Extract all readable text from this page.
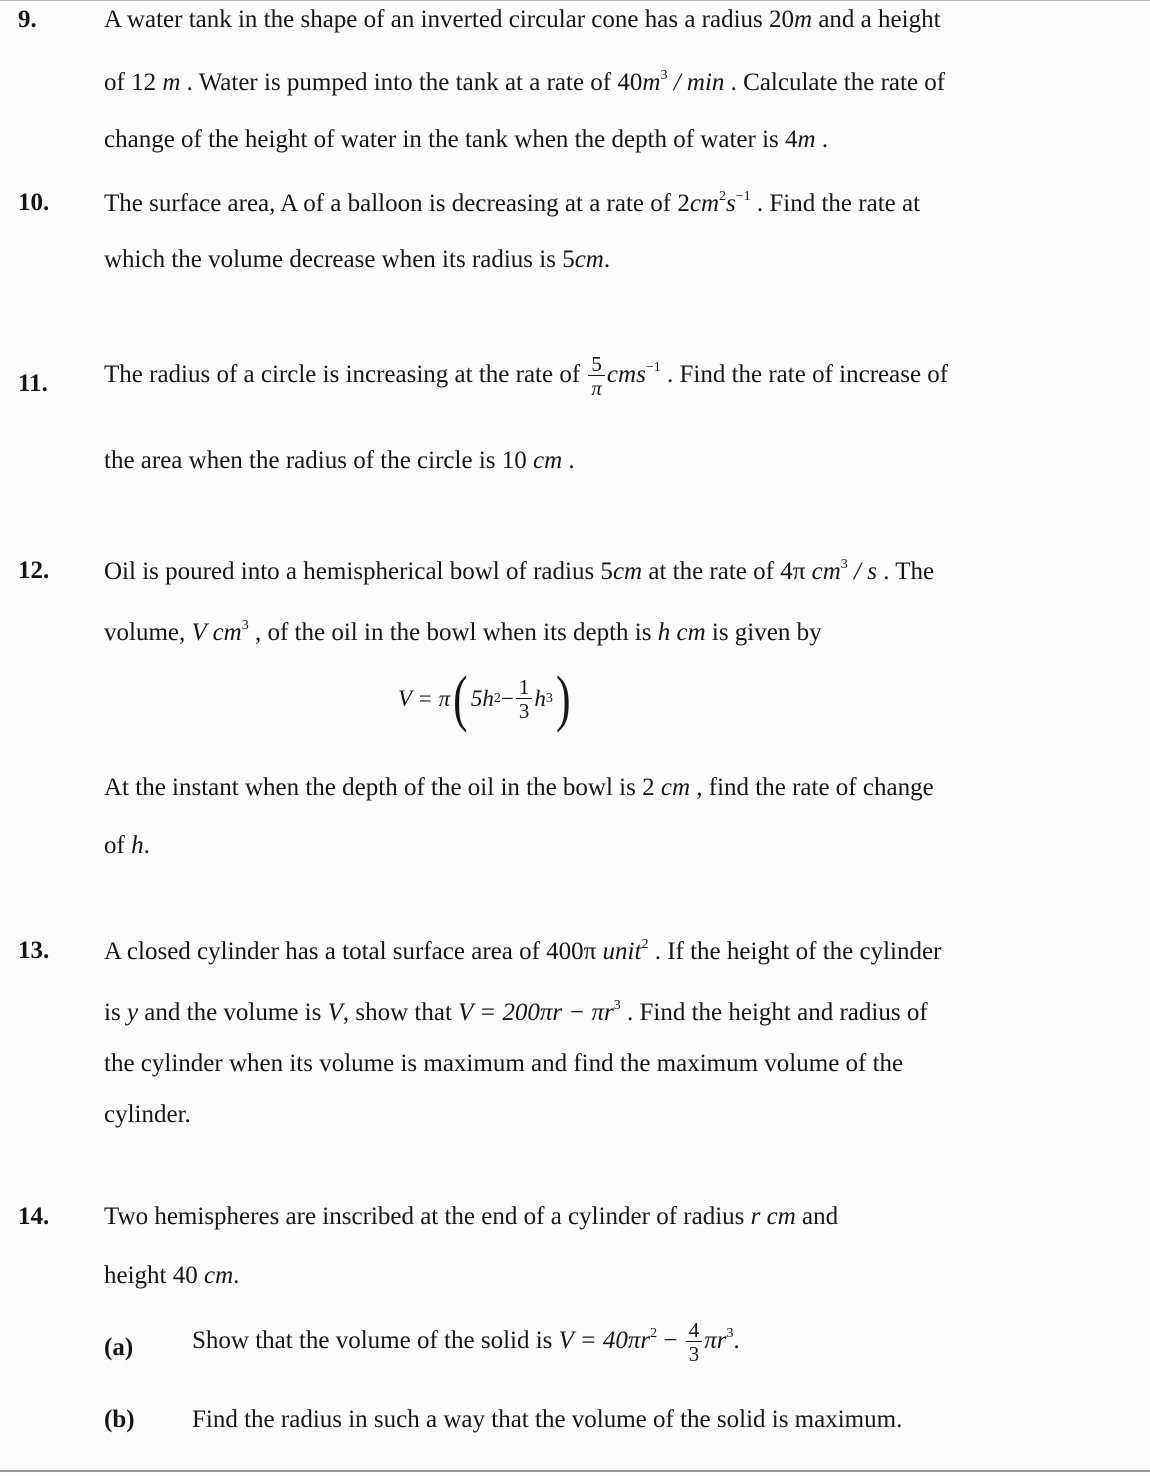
9.	A water tank in the shape of an inverted circular cone has a radius 20m and a height
of 12 m . Water is pumped into the tank at a rate of $40m^3$ / min . Calculate the rate of
change of the height of water in the tank when the depth of water is 4m .
10. The surface area, A of a balloon is decreasing at a rate of $2cm^2s^{-1}$ . Find the rate at
which the volume decrease when its radius is 5cm.
11. The radius of a circle is increasing at the rate of $\frac{5}{\pi} cms^{-1}$ . Find the rate of increase of
the area when the radius of the circle is 10 cm .
12. Oil is poured into a hemispherical bowl of radius 5cm at the rate of 4π $cm^3$ / s . The
volume, V $cm^3$ , of the oil in the bowl when its depth is h cm is given by
V = π ( 5h $2 - \frac{1}{3}$ h 3 )
At the instant when the depth of the oil in the bowl is 2 cm , find the rate of change
of h.
13. A closed cylinder has a total surface area of 400π unit$^2$ . If the height of the cylinder
is y and the volume is V, show that $V = 200\pi r - \pi r^3$ . Find the height and radius of
the cylinder when its volume is maximum and find the maximum volume of the
cylinder.
14. Two hemispheres are inscribed at the end of a cylinder of radius r cm and
height 40 cm.
(a) Show that the volume of the solid is $V = 40\pi r^2 - \frac{4}{3} \pi r^3$.
(b) Find the radius in such a way that the volume of the solid is maximum.
